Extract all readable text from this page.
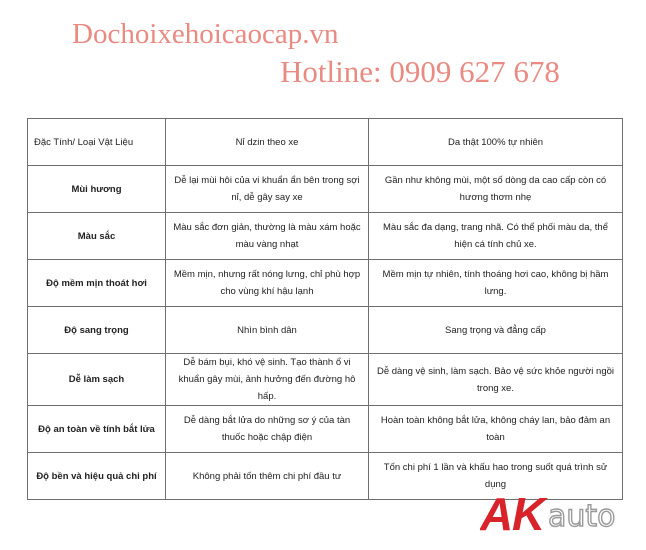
Dochoixehoicaocap.vn
Hotline: 0909 627 678
Đặc Tính/ Loại Vật Liệu	Nỉ dzin theo xe	Da thật 100% tự nhiên
Mùi hương	Dễ lại mùi hôi của vi khuẩn ẩn bên trong sợi nỉ, dễ gây say xe	Gần như không mùi, một số dòng da cao cấp còn có hương thơm nhẹ
Màu sắc	Màu sắc đơn giản, thường là màu xám hoặc màu vàng nhạt	Màu sắc đa dạng, trang nhã. Có thể phối màu da, thể hiện cá tính chủ xe.
Độ mềm mịn thoát hơi	Mềm mịn, nhưng rất nóng lưng, chỉ phù hợp cho vùng khí hậu lạnh	Mềm mịn tự nhiên, tính thoáng hơi cao, không bị hầm lưng.
Độ sang trọng	Nhìn bình dân	Sang trọng và đẳng cấp
Dễ làm sạch	Dễ bám bụi, khó vệ sinh. Tạo thành ổ vi khuẩn gây mùi, ảnh hưởng đến đường hô hấp.	Dễ dàng vệ sinh, làm sạch. Bảo vệ sức khỏe người ngồi trong xe.
Độ an toàn về tính bắt lửa	Dễ dàng bắt lửa do những sơ ý của tàn thuốc hoặc chập điện	Hoàn toàn không bắt lửa, không cháy lan, bảo đảm an toàn
Độ bền và hiệu quả chi phí	Không phải tốn thêm chi phí đầu tư	Tốn chi phí 1 lần và khấu hao trong suốt quá trình sử dụng
A
K auto
